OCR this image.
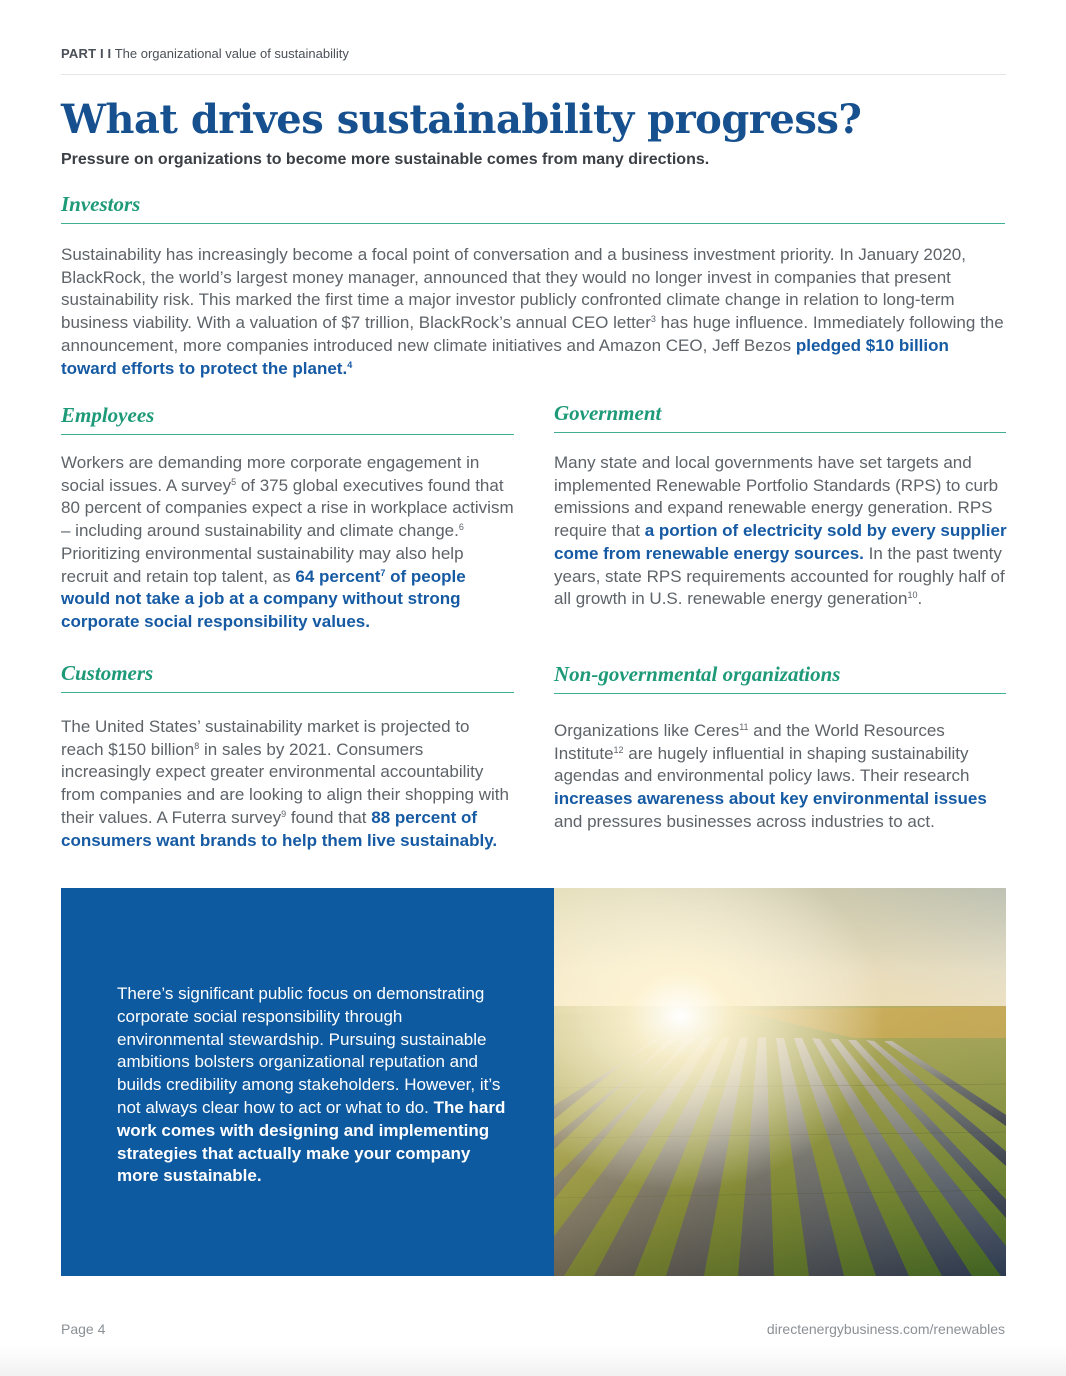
PART I I The organizational value of sustainability
What drives sustainability progress?

Pressure on organizations to become more sustainable comes from many directions.

Investors

Sustainability has increasingly become a focal point of conversation and a business investment priority. In January 2020, BlackRock, the world’s largest money manager, announced that they would no longer invest in companies that present sustainability risk. This marked the first time a major investor publicly confronted climate change in relation to long-term business viability. With a valuation of $7 trillion, BlackRock’s annual CEO letter$^3$ has huge influence. Immediately following the announcement, more companies introduced new climate initiatives and Amazon CEO, Jeff Bezos pledged $10 billion toward efforts to protect the planet.$^4$

Employees

Workers are demanding more corporate engagement in social issues. A survey$^5$ of 375 global executives found that 80 percent of companies expect a rise in workplace activism – including around sustainability and climate change.$^6$ Prioritizing environmental sustainability may also help recruit and retain top talent, as 64 percent$^7$ of people would not take a job at a company without strong corporate social responsibility values.

Government

Many state and local governments have set targets and implemented Renewable Portfolio Standards (RPS) to curb emissions and expand renewable energy generation. RPS require that a portion of electricity sold by every supplier come from renewable energy sources. In the past twenty years, state RPS requirements accounted for roughly half of all growth in U.S. renewable energy generation$^{10}$.

Customers

The United States’ sustainability market is projected to reach $150 billion$^8$ in sales by 2021. Consumers increasingly expect greater environmental accountability from companies and are looking to align their shopping with their values. A Futerra survey$^9$ found that 88 percent of consumers want brands to help them live sustainably.

Non-governmental organizations

Organizations like Ceres$^{11}$ and the World Resources Institute$^{12}$ are hugely influential in shaping sustainability agendas and environmental policy laws. Their research increases awareness about key environmental issues and pressures businesses across industries to act.

There’s significant public focus on demonstrating corporate social responsibility through environmental stewardship. Pursuing sustainable ambitions bolsters organizational reputation and builds credibility among stakeholders. However, it’s not always clear how to act or what to do. The hard work comes with designing and implementing strategies that actually make your company more sustainable.

Page 4	directenergybusiness.com/renewables
